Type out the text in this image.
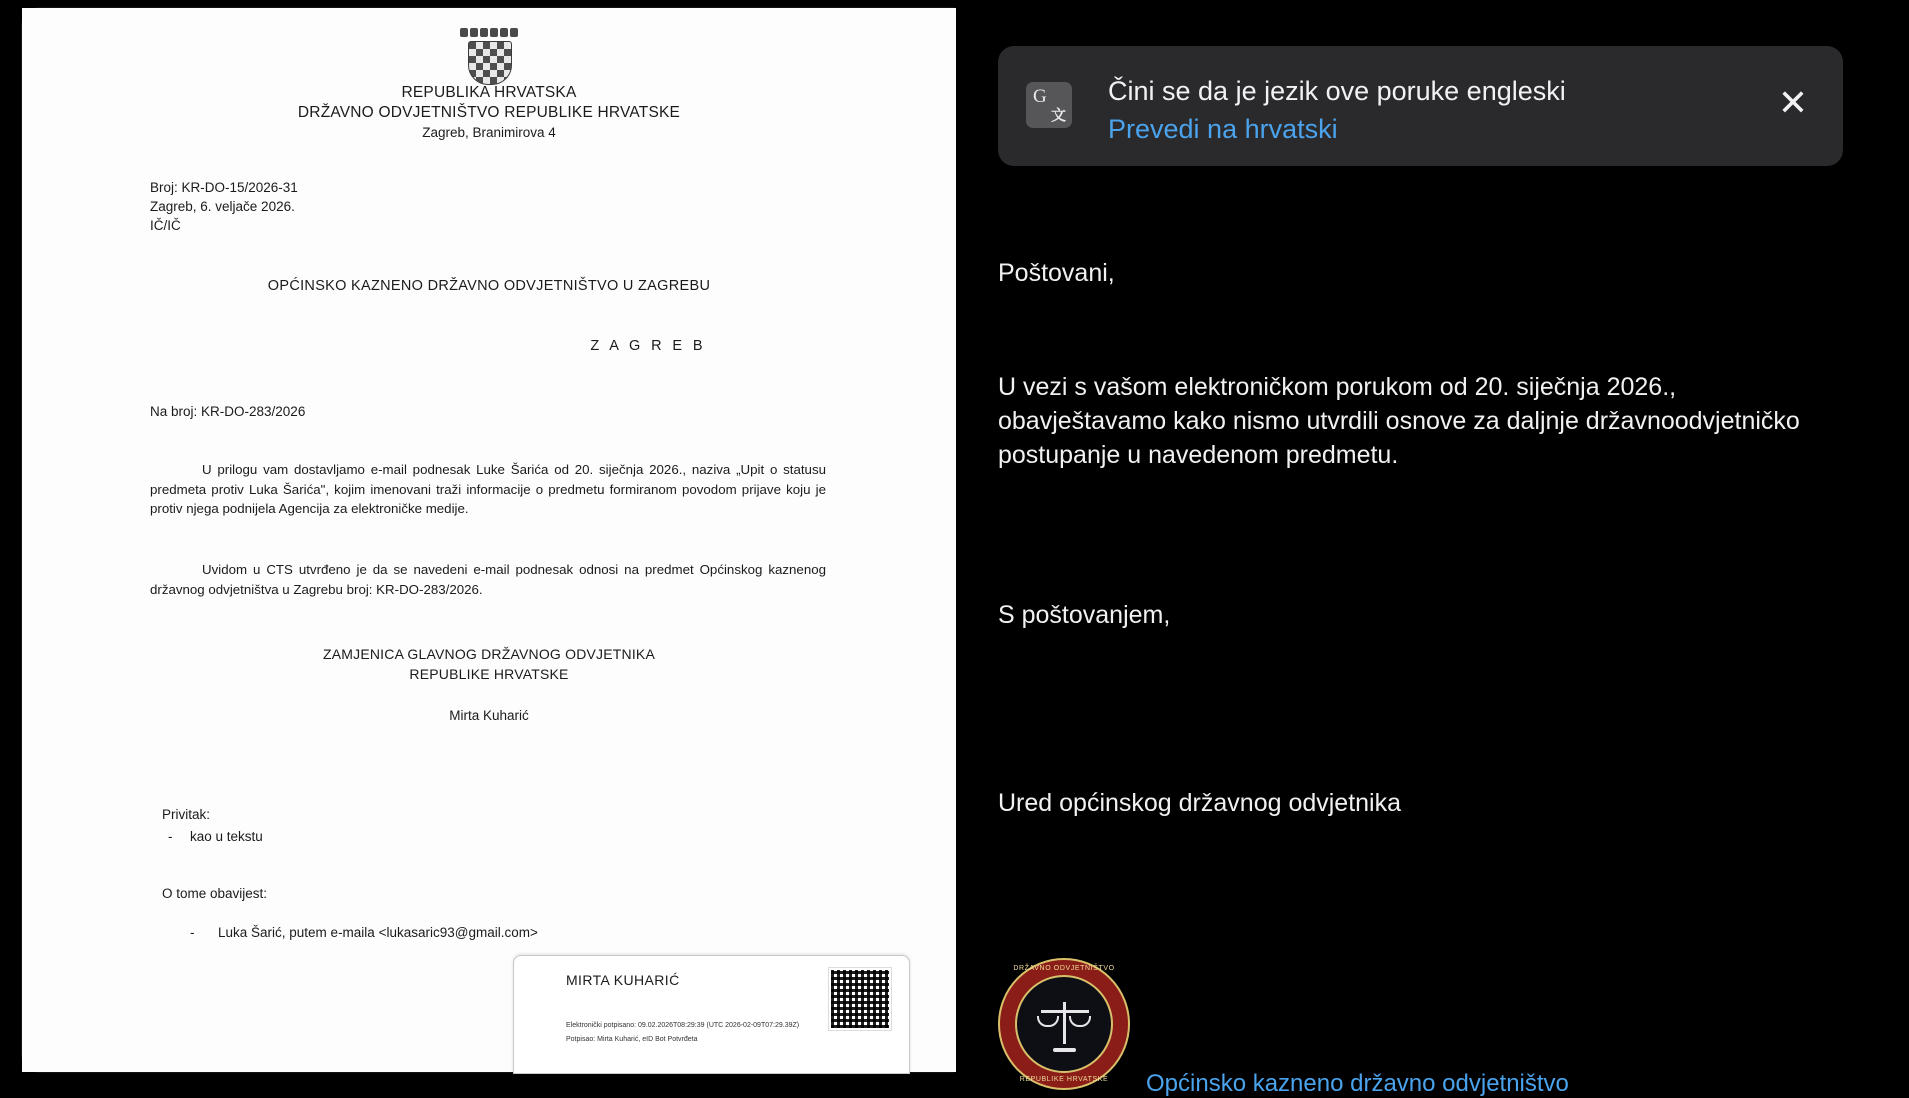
REPUBLIKA HRVATSKA
DRŽAVNO ODVJETNIŠTVO REPUBLIKE HRVATSKE
Zagreb, Branimirova 4
Broj: KR-DO-15/2026-31
Zagreb, 6. veljače 2026.
IČ/IČ
OPĆINSKO KAZNENO DRŽAVNO ODVJETNIŠTVO U ZAGREBU
Z A G R E B
Na broj: KR-DO-283/2026
U prilogu vam dostavljamo e-mail podnesak Luke Šarića od 20. siječnja 2026., naziva „Upit o statusu predmeta protiv Luka Šarića", kojim imenovani traži informacije o predmetu formiranom povodom prijave koju je protiv njega podnijela Agencija za elektroničke medije.
Uvidom u CTS utvrđeno je da se navedeni e-mail podnesak odnosi na predmet Općinskog kaznenog državnog odvjetništva u Zagrebu broj: KR-DO-283/2026.
ZAMJENICA GLAVNOG DRŽAVNOG ODVJETNIKA
REPUBLIKE HRVATSKE
Mirta Kuharić
Privitak:
- kao u tekstu
O tome obavijest:
- Luka Šarić, putem e-maila <lukasaric93@gmail.com>
MIRTA KUHARIĆ
Elektronički potpisano: 09.02.2026T08:29:39 (UTC 2026-02-09T07:29.39Z)
Potpisao: Mirta Kuharić, eID Bot Potvrđeta
G
文
Čini se da je jezik ove poruke engleski
Prevedi na hrvatski
✕
Poštovani,
U vezi s vašom elektroničkom porukom od 20. siječnja 2026., obavještavamo kako nismo utvrdili osnove za daljnje državnoodvjetničko postupanje u navedenom predmetu.
S poštovanjem,
Ured općinskog državnog odvjetnika
DRŽAVNO ODVJETNIŠTVO
REPUBLIKE HRVATSKE	Općinsko kazneno državno odvjetništvo
